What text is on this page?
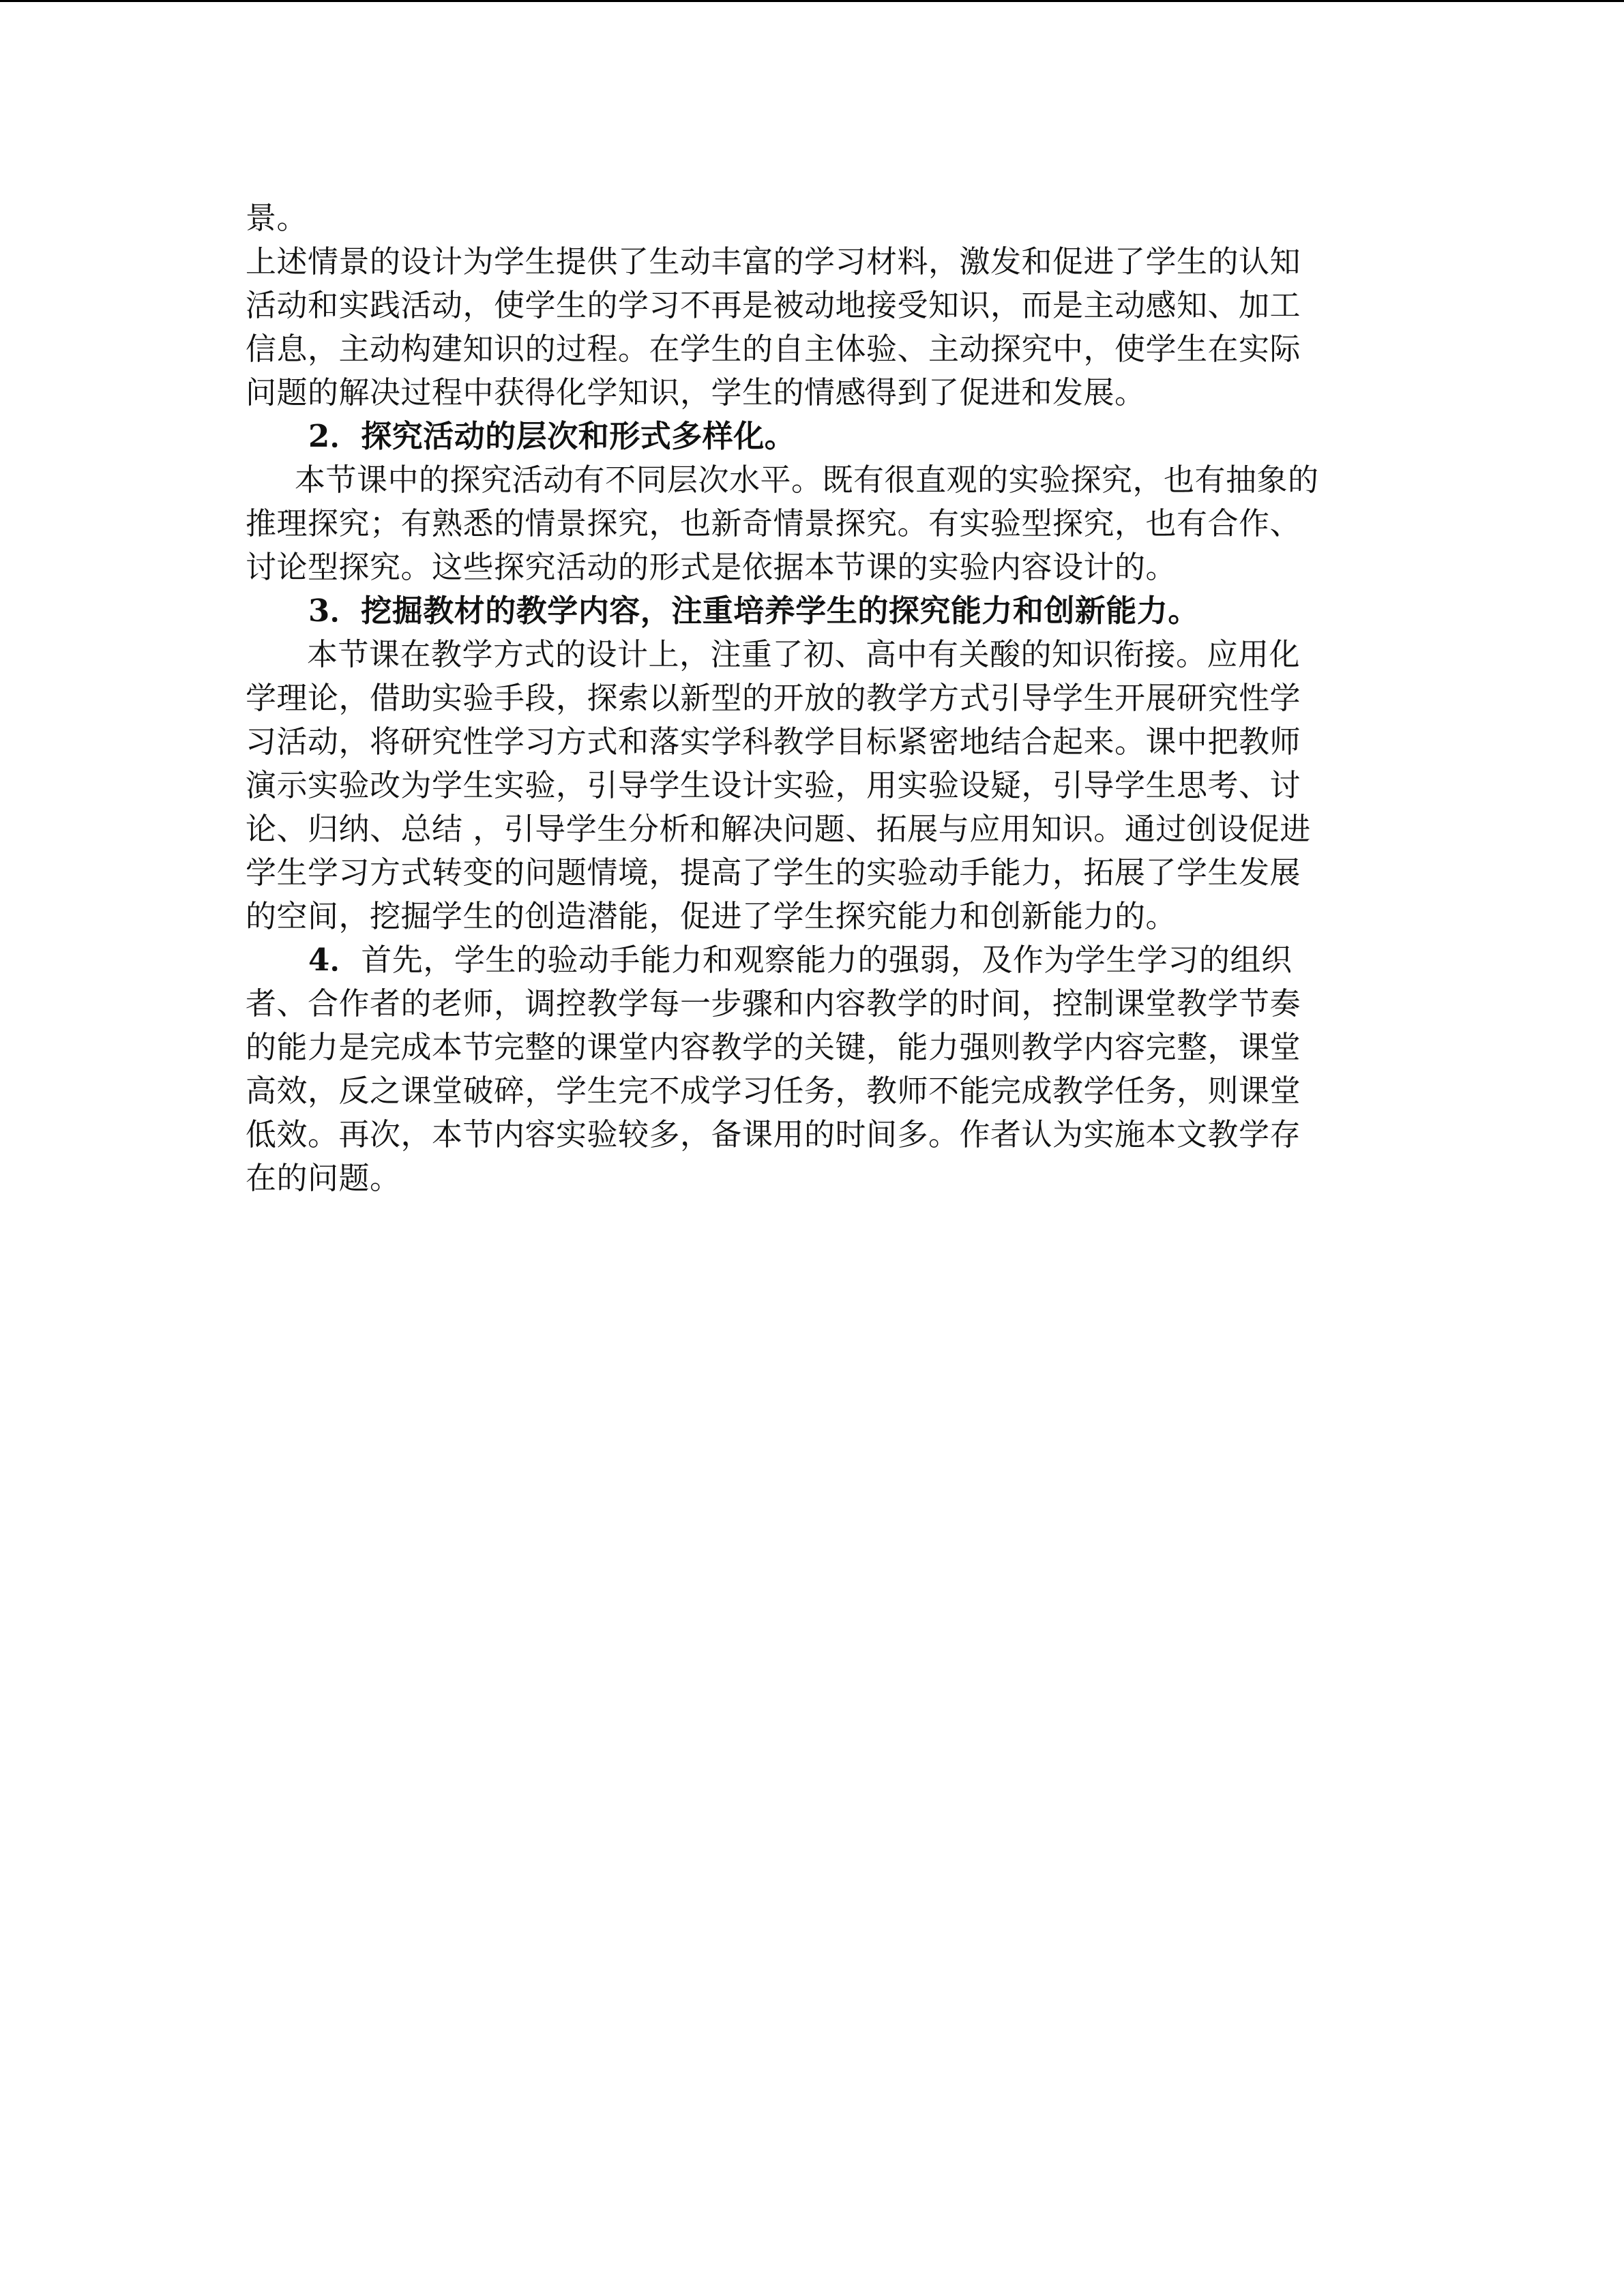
景。
上述情景的设计为学生提供了生动丰富的学习材料，激发和促进了学生的认知
活动和实践活动，使学生的学习不再是被动地接受知识，而是主动感知、加工
信息，主动构建知识的过程。在学生的自主体验、主动探究中，使学生在实际
问题的解决过程中获得化学知识，学生的情感得到了促进和发展。
2．探究活动的层次和形式多样化。
本节课中的探究活动有不同层次水平。既有很直观的实验探究，也有抽象的
推理探究；有熟悉的情景探究，也新奇情景探究。有实验型探究，也有合作、
讨论型探究。这些探究活动的形式是依据本节课的实验内容设计的。
3．挖掘教材的教学内容，注重培养学生的探究能力和创新能力。
本节课在教学方式的设计上，注重了初、高中有关酸的知识衔接。应用化
学理论，借助实验手段，探索以新型的开放的教学方式引导学生开展研究性学
习活动，将研究性学习方式和落实学科教学目标紧密地结合起来。课中把教师
演示实验改为学生实验，引导学生设计实验，用实验设疑，引导学生思考、讨
论、归纳、总结 ，引导学生分析和解决问题、拓展与应用知识。通过创设促进
学生学习方式转变的问题情境，提高了学生的实验动手能力，拓展了学生发展
的空间，挖掘学生的创造潜能，促进了学生探究能力和创新能力的。
4．首先，学生的验动手能力和观察能力的强弱，及作为学生学习的组织
者、合作者的老师，调控教学每一步骤和内容教学的时间，控制课堂教学节奏
的能力是完成本节完整的课堂内容教学的关键，能力强则教学内容完整，课堂
高效，反之课堂破碎，学生完不成学习任务，教师不能完成教学任务，则课堂
低效。再次，本节内容实验较多，备课用的时间多。作者认为实施本文教学存
在的问题。
